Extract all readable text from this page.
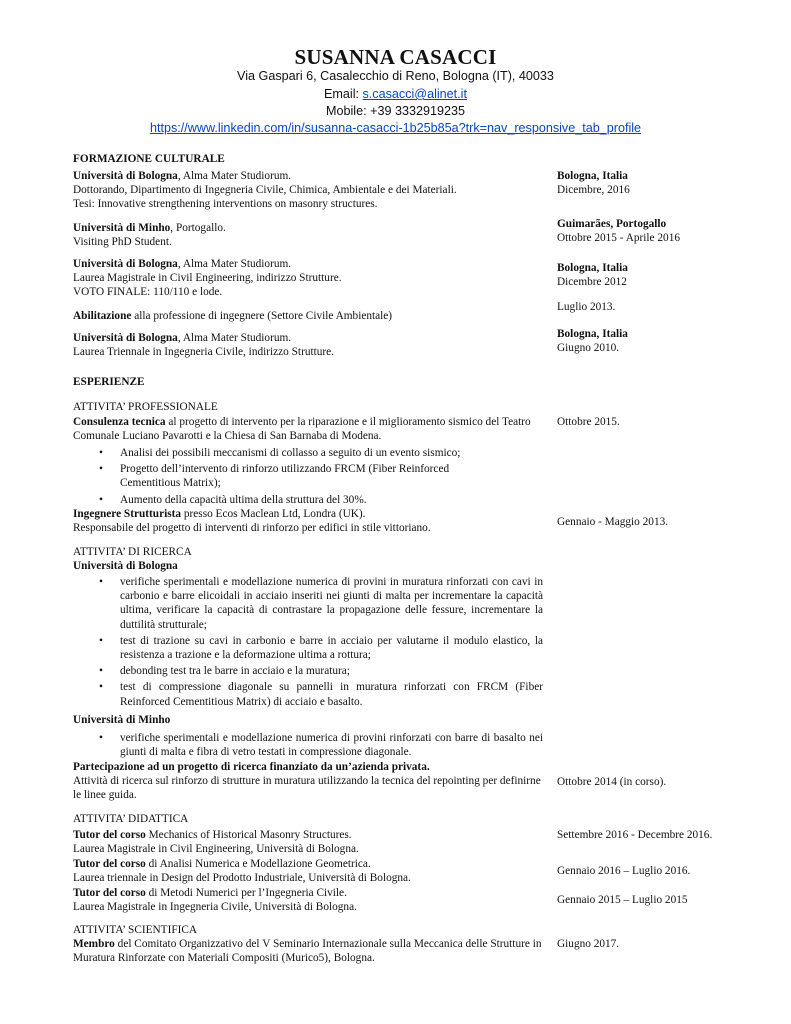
SUSANNA CASACCI
Via Gaspari 6, Casalecchio di Reno, Bologna (IT), 40033
Email: s.casacci@alinet.it
Mobile: +39 3332919235
https://www.linkedin.com/in/susanna-casacci-1b25b85a?trk=nav_responsive_tab_profile
FORMAZIONE CULTURALE
Università di Bologna, Alma Mater Studiorum.
Dottorando, Dipartimento di Ingegneria Civile, Chimica, Ambientale e dei Materiali.
Tesi: Innovative strengthening interventions on masonry structures.
Bologna, Italia
Dicembre, 2016
Università di Minho, Portogallo.
Visiting PhD Student.
Guimarães, Portogallo
Ottobre 2015 - Aprile 2016
Università di Bologna, Alma Mater Studiorum.
Laurea Magistrale in Civil Engineering, indirizzo Strutture.
VOTO FINALE: 110/110 e lode.
Bologna, Italia
Dicembre 2012
Abilitazione alla professione di ingegnere (Settore Civile Ambientale)
Luglio 2013.
Università di Bologna, Alma Mater Studiorum.
Laurea Triennale in Ingegneria Civile, indirizzo Strutture.
Bologna, Italia
Giugno 2010.
ESPERIENZE
ATTIVITA’ PROFESSIONALE
Consulenza tecnica al progetto di intervento per la riparazione e il miglioramento sismico del Teatro Comunale Luciano Pavarotti e la Chiesa di San Barnaba di Modena.
Ottobre 2015.
• Analisi dei possibili meccanismi di collasso a seguito di un evento sismico;
• Progetto dell’intervento di rinforzo utilizzando FRCM (Fiber Reinforced Cementitious Matrix);
• Aumento della capacità ultima della struttura del 30%.
Ingegnere Strutturista presso Ecos Maclean Ltd, Londra (UK).
Responsabile del progetto di interventi di rinforzo per edifici in stile vittoriano.
Gennaio - Maggio 2013.
ATTIVITA’ DI RICERCA
Università di Bologna
• verifiche sperimentali e modellazione numerica di provini in muratura rinforzati con cavi in carbonio e barre elicoidali in acciaio inseriti nei giunti di malta per incrementare la capacità ultima, verificare la capacità di contrastare la propagazione delle fessure, incrementare la duttilità strutturale;
• test di trazione su cavi in carbonio e barre in acciaio per valutarne il modulo elastico, la resistenza a trazione e la deformazione ultima a rottura;
• debonding test tra le barre in acciaio e la muratura;
• test di compressione diagonale su pannelli in muratura rinforzati con FRCM (Fiber Reinforced Cementitious Matrix) di acciaio e basalto.
Università di Minho
• verifiche sperimentali e modellazione numerica di provini rinforzati con barre di basalto nei giunti di malta e fibra di vetro testati in compressione diagonale.
Partecipazione ad un progetto di ricerca finanziato da un’azienda privata.
Attività di ricerca sul rinforzo di strutture in muratura utilizzando la tecnica del repointing per definirne le linee guida.
Ottobre 2014 (in corso).
ATTIVITA’ DIDATTICA
Tutor del corso Mechanics of Historical Masonry Structures.
Laurea Magistrale in Civil Engineering, Università di Bologna.
Settembre 2016 - Decembre 2016.
Tutor del corso di Analisi Numerica e Modellazione Geometrica.
Laurea triennale in Design del Prodotto Industriale, Università di Bologna.
Gennaio 2016 – Luglio 2016.
Tutor del corso di Metodi Numerici per l’Ingegneria Civile.
Laurea Magistrale in Ingegneria Civile, Università di Bologna.
Gennaio 2015 – Luglio 2015
ATTIVITA’ SCIENTIFICA
Membro del Comitato Organizzativo del V Seminario Internazionale sulla Meccanica delle Strutture in Muratura Rinforzate con Materiali Compositi (Murico5), Bologna.
Giugno 2017.
